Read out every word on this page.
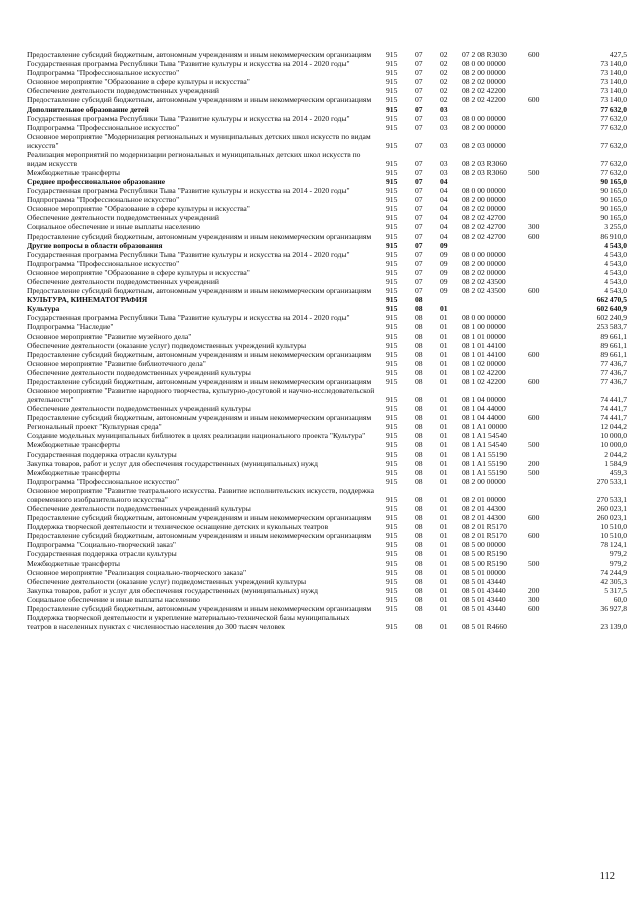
Предоставление субсидий бюджетным, автономным учреждениям и иным некоммерческим организациям	915 07 02 07 2 08 R3030	600	427,5
Государственная программа Республики Тыва "Развитие культуры и искусства на 2014 - 2020 годы"	915 07 02 08 0 00 00000	73 140,0
Подпрограмма "Профессиональное искусство"	915 07 02 08 2 00 00000	73 140,0
Основное мероприятие "Образование в сфере культуры и искусства"	915 07 02 08 2 02 00000	73 140,0
Обеспечение деятельности подведомственных учреждений	915 07 02 08 2 02 42200	73 140,0
Предоставление субсидий бюджетным, автономным учреждениям и иным некоммерческим организациям	915 07 02 08 2 02 42200	600	73 140,0
Дополнительное образование детей	915 07 03	77 632,0
Государственная программа Республики Тыва "Развитие культуры и искусства на 2014 - 2020 годы"	915 07 03 08 0 00 00000	77 632,0
Подпрограмма "Профессиональное искусство"	915 07 03 08 2 00 00000	77 632,0
Основное мероприятие "Модернизация региональных и муниципальных детских школ искусств по видам искусств"	915 07 03 08 2 03 00000	77 632,0
Реализация мероприятий по модернизации региональных и муниципальных детских школ искусств по видам искусств	915 07 03 08 2 03 R3060	77 632,0
Межбюджетные трансферты	915 07 03 08 2 03 R3060	500	77 632,0
Среднее профессиональное образование	915 07 04	90 165,0
Государственная программа Республики Тыва "Развитие культуры и искусства на 2014 - 2020 годы"	915 07 04 08 0 00 00000	90 165,0
Подпрограмма "Профессиональное искусство"	915 07 04 08 2 00 00000	90 165,0
Основное мероприятие "Образование в сфере культуры и искусства"	915 07 04 08 2 02 00000	90 165,0
Обеспечение деятельности подведомственных учреждений	915 07 04 08 2 02 42700	90 165,0
Социальное обеспечение и иные выплаты населению	915 07 04 08 2 02 42700	300	3 255,0
Предоставление субсидий бюджетным, автономным учреждениям и иным некоммерческим организациям	915 07 04 08 2 02 42700	600	86 910,0
Другие вопросы в области образования	915 07 09	4 543,0
Государственная программа Республики Тыва "Развитие культуры и искусства на 2014 - 2020 годы"	915 07 09 08 0 00 00000	4 543,0
Подпрограмма "Профессиональное искусство"	915 07 09 08 2 00 00000	4 543,0
Основное мероприятие "Образование в сфере культуры и искусства"	915 07 09 08 2 02 00000	4 543,0
Обеспечение деятельности подведомственных учреждений	915 07 09 08 2 02 43500	4 543,0
Предоставление субсидий бюджетным, автономным учреждениям и иным некоммерческим организациям	915 07 09 08 2 02 43500	600	4 543,0
КУЛЬТУРА, КИНЕМАТОГРАФИЯ	915 08	662 470,5
Культура	915 08 01	602 640,9
Государственная программа Республики Тыва "Развитие культуры и искусства на 2014 - 2020 годы"	915 08 01 08 0 00 00000	602 240,9
Подпрограмма "Наследие"	915 08 01 08 1 00 00000	253 583,7
Основное мероприятие "Развитие музейного дела"	915 08 01 08 1 01 00000	89 661,1
Обеспечение деятельности (оказание услуг) подведомственных учреждений культуры	915 08 01 08 1 01 44100	89 661,1
Предоставление субсидий бюджетным, автономным учреждениям и иным некоммерческим организациям	915 08 01 08 1 01 44100	600	89 661,1
Основное мероприятие "Развитие библиотечного дела"	915 08 01 08 1 02 00000	77 436,7
Обеспечение деятельности подведомственных учреждений культуры	915 08 01 08 1 02 42200	77 436,7
Предоставление субсидий бюджетным, автономным учреждениям и иным некоммерческим организациям	915 08 01 08 1 02 42200	600	77 436,7
Основное мероприятие "Развитие народного творчества, культурно-досуговой и научно-исследовательской деятельности"	915 08 01 08 1 04 00000	74 441,7
Обеспечение деятельности подведомственных учреждений культуры	915 08 01 08 1 04 44000	74 441,7
Предоставление субсидий бюджетным, автономным учреждениям и иным некоммерческим организациям	915 08 01 08 1 04 44000	600	74 441,7
Региональный проект "Культурная среда"	915 08 01 08 1 A1 00000	12 044,2
Создание модельных муниципальных библиотек в целях реализации национального проекта "Культура"	915 08 01 08 1 A1 54540	10 000,0
Межбюджетные трансферты	915 08 01 08 1 A1 54540	500	10 000,0
Государственная поддержка отрасли культуры	915 08 01 08 1 A1 55190	2 044,2
Закупка товаров, работ и услуг для обеспечения государственных (муниципальных) нужд	915 08 01 08 1 A1 55190	200	1 584,9
Межбюджетные трансферты	915 08 01 08 1 A1 55190	500	459,3
Подпрограмма "Профессиональное искусство"	915 08 01 08 2 00 00000	270 533,1
Основное мероприятие "Развитие театрального искусства. Развитие исполнительских искусств, поддержка современного изобразительного искусства"	915 08 01 08 2 01 00000	270 533,1
Обеспечение деятельности подведомственных учреждений культуры	915 08 01 08 2 01 44300	260 023,1
Предоставление субсидий бюджетным, автономным учреждениям и иным некоммерческим организациям	915 08 01 08 2 01 44300	600	260 023,1
Поддержка творческой деятельности и техническое оснащение детских и кукольных театров	915 08 01 08 2 01 R5170	10 510,0
Предоставление субсидий бюджетным, автономным учреждениям и иным некоммерческим организациям	915 08 01 08 2 01 R5170	600	10 510,0
Подпрограмма "Социально-творческий заказ"	915 08 01 08 5 00 00000	78 124,1
Государственная поддержка отрасли культуры	915 08 01 08 5 00 R5190	979,2
Межбюджетные трансферты	915 08 01 08 5 00 R5190	500	979,2
Основное мероприятие "Реализация социально-творческого заказа"	915 08 01 08 5 01 00000	74 244,9
Обеспечение деятельности (оказание услуг) подведомственных учреждений культуры	915 08 01 08 5 01 43440	42 305,3
Закупка товаров, работ и услуг для обеспечения государственных (муниципальных) нужд	915 08 01 08 5 01 43440	200	5 317,5
Социальное обеспечение и иные выплаты населению	915 08 01 08 5 01 43440	300	60,0
Предоставление субсидий бюджетным, автономным учреждениям и иным некоммерческим организациям	915 08 01 08 5 01 43440	600	36 927,8
Поддержка творческой деятельности и укрепление материально-технической базы муниципальных театров в населенных пунктах с численностью населения до 300 тысяч человек	915 08 01 08 5 01 R4660	23 139,0
112
